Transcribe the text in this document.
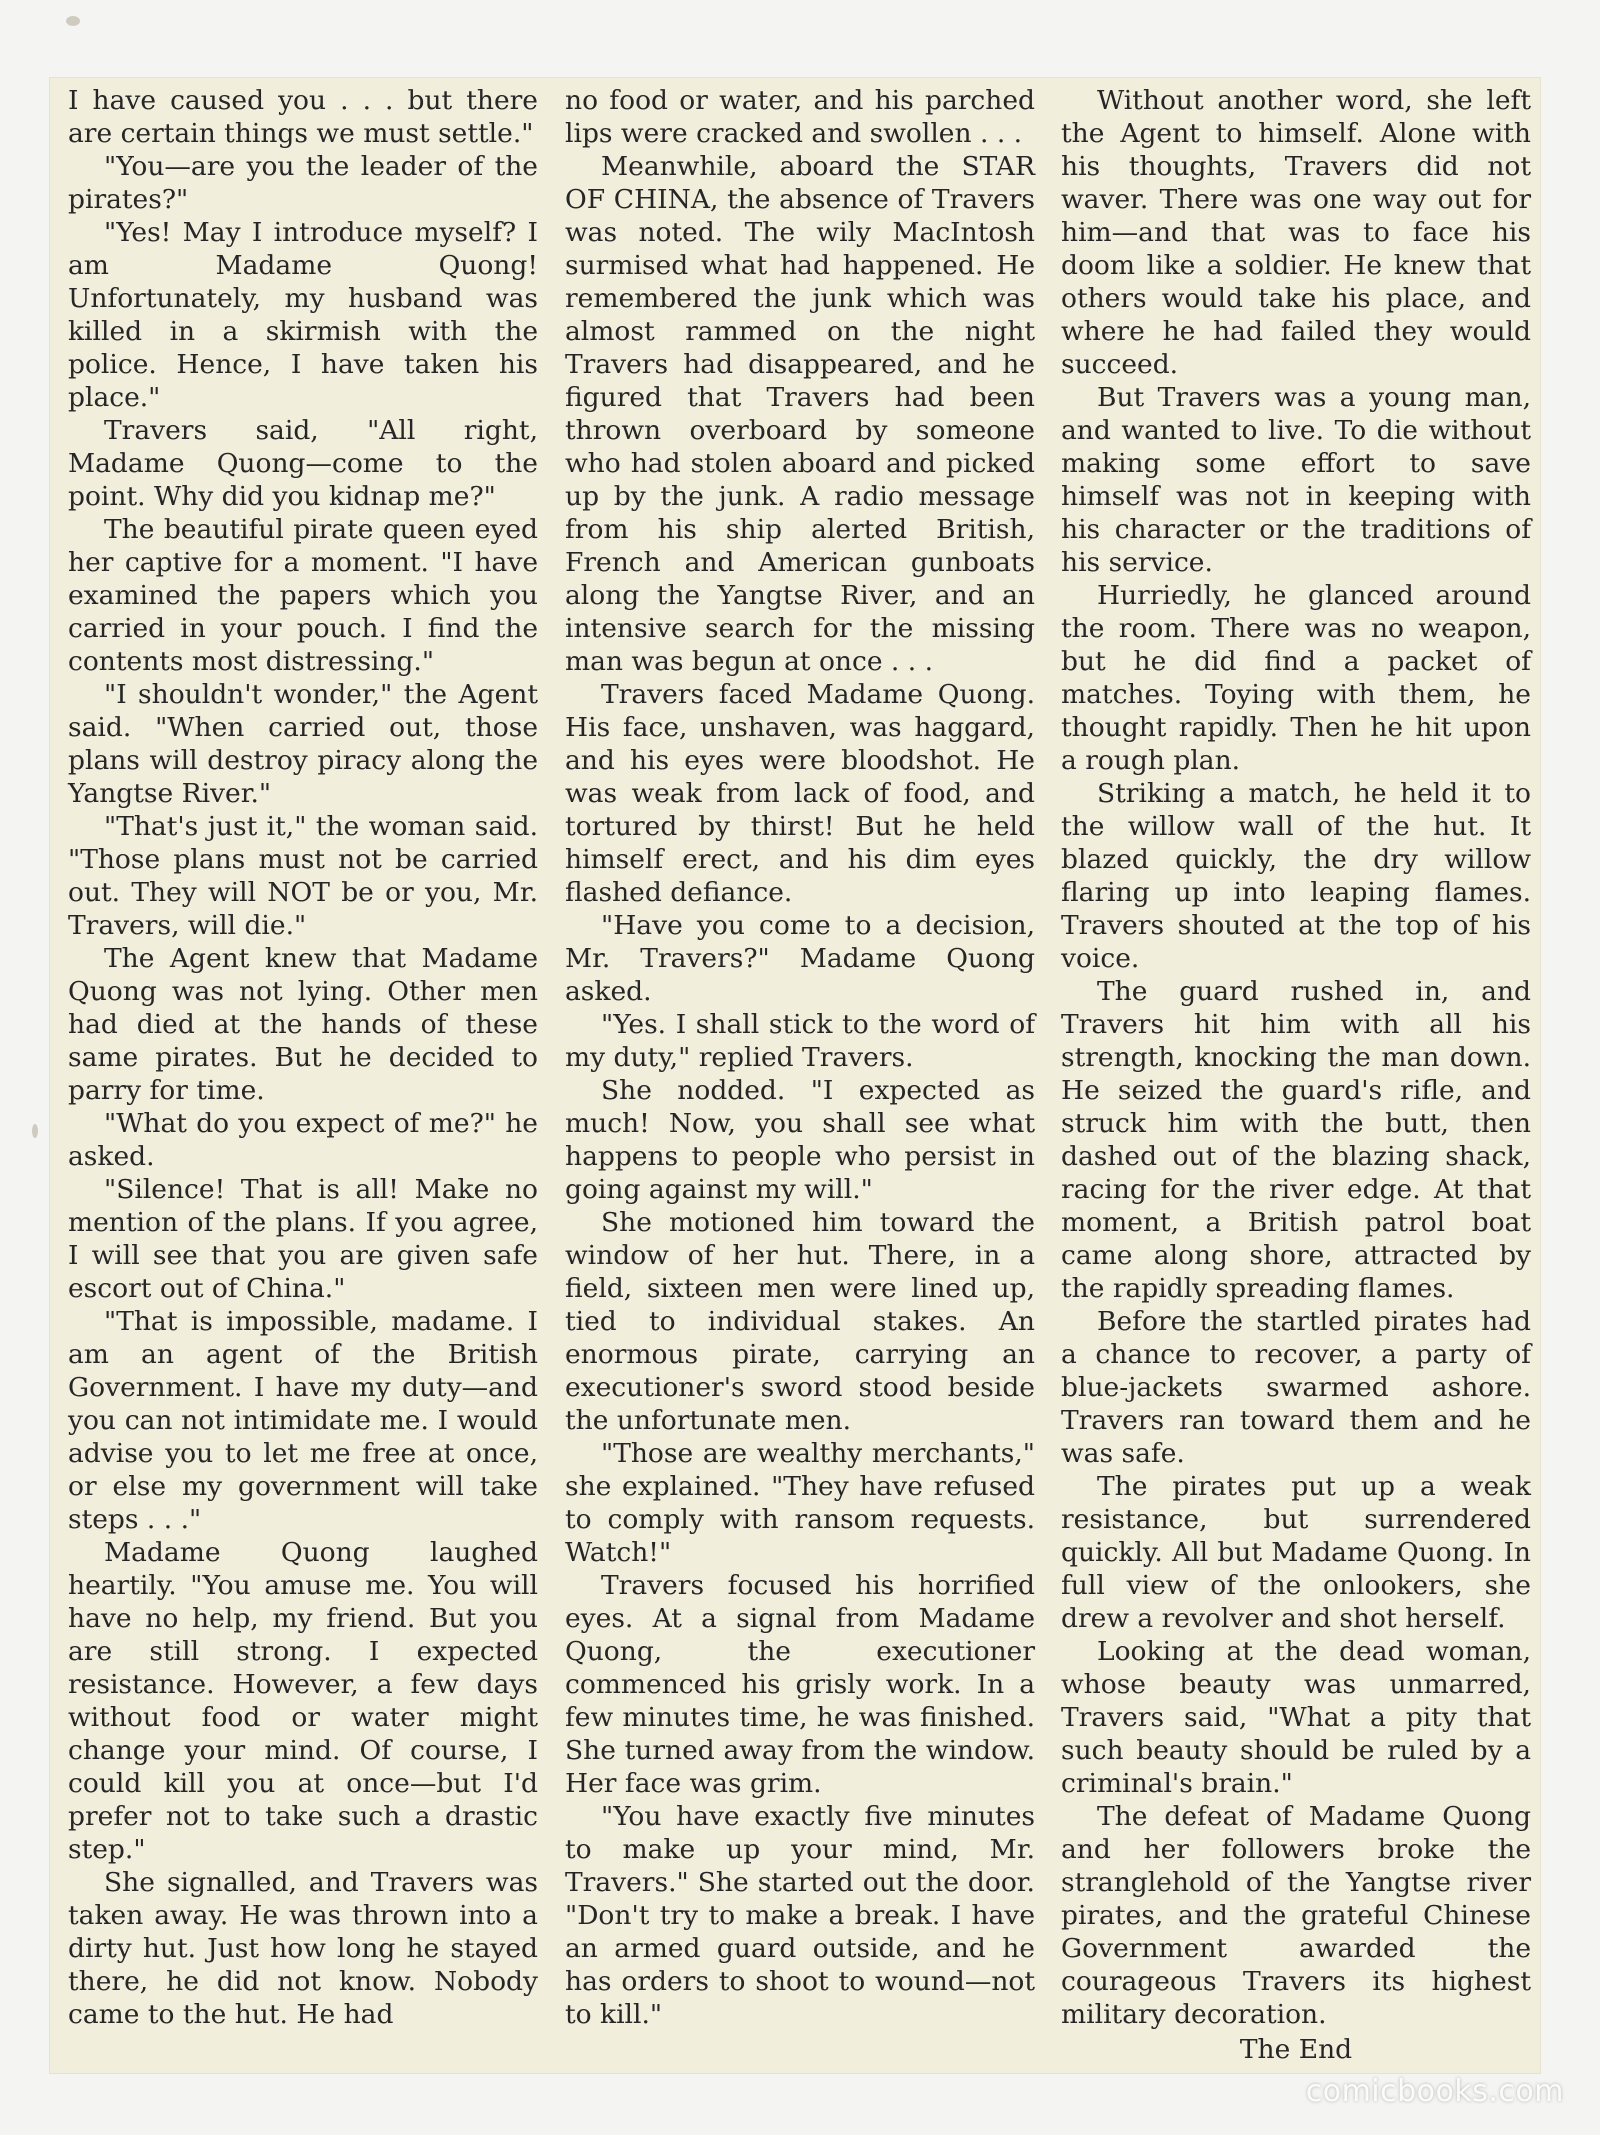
I have caused you . . . but there are certain things we must settle."

"You—are you the leader of the pirates?"

"Yes! May I introduce myself? I am Madame Quong! Unfortunately, my husband was killed in a skirmish with the police. Hence, I have taken his place."

Travers said, "All right, Madame Quong—come to the point. Why did you kidnap me?"

The beautiful pirate queen eyed her captive for a moment. "I have examined the papers which you carried in your pouch. I find the contents most distressing."

"I shouldn't wonder," the Agent said. "When carried out, those plans will destroy piracy along the Yangtse River."

"That's just it," the woman said. "Those plans must not be carried out. They will NOT be or you, Mr. Travers, will die."

The Agent knew that Madame Quong was not lying. Other men had died at the hands of these same pirates. But he decided to parry for time.

"What do you expect of me?" he asked.

"Silence! That is all! Make no mention of the plans. If you agree, I will see that you are given safe escort out of China."

"That is impossible, madame. I am an agent of the British Government. I have my duty—and you can not intimidate me. I would advise you to let me free at once, or else my government will take steps . . ."

Madame Quong laughed heartily. "You amuse me. You will have no help, my friend. But you are still strong. I expected resistance. However, a few days without food or water might change your mind. Of course, I could kill you at once—but I'd prefer not to take such a drastic step."

She signalled, and Travers was taken away. He was thrown into a dirty hut. Just how long he stayed there, he did not know. Nobody came to the hut. He had

no food or water, and his parched lips were cracked and swollen . . .

Meanwhile, aboard the STAR OF CHINA, the absence of Travers was noted. The wily MacIntosh surmised what had happened. He remembered the junk which was almost rammed on the night Travers had disappeared, and he figured that Travers had been thrown overboard by someone who had stolen aboard and picked up by the junk. A radio message from his ship alerted British, French and American gunboats along the Yangtse River, and an intensive search for the missing man was begun at once . . .

Travers faced Madame Quong. His face, unshaven, was haggard, and his eyes were bloodshot. He was weak from lack of food, and tortured by thirst! But he held himself erect, and his dim eyes flashed defiance.

"Have you come to a decision, Mr. Travers?" Madame Quong asked.

"Yes. I shall stick to the word of my duty," replied Travers.

She nodded. "I expected as much! Now, you shall see what happens to people who persist in going against my will."

She motioned him toward the window of her hut. There, in a field, sixteen men were lined up, tied to individual stakes. An enormous pirate, carrying an executioner's sword stood beside the unfortunate men.

"Those are wealthy merchants," she explained. "They have refused to comply with ransom requests. Watch!"

Travers focused his horrified eyes. At a signal from Madame Quong, the executioner commenced his grisly work. In a few minutes time, he was finished. She turned away from the window. Her face was grim.

"You have exactly five minutes to make up your mind, Mr. Travers." She started out the door. "Don't try to make a break. I have an armed guard outside, and he has orders to shoot to wound—not to kill."

Without another word, she left the Agent to himself. Alone with his thoughts, Travers did not waver. There was one way out for him—and that was to face his doom like a soldier. He knew that others would take his place, and where he had failed they would succeed.

But Travers was a young man, and wanted to live. To die without making some effort to save himself was not in keeping with his character or the traditions of his service.

Hurriedly, he glanced around the room. There was no weapon, but he did find a packet of matches. Toying with them, he thought rapidly. Then he hit upon a rough plan.

Striking a match, he held it to the willow wall of the hut. It blazed quickly, the dry willow flaring up into leaping flames. Travers shouted at the top of his voice.

The guard rushed in, and Travers hit him with all his strength, knocking the man down. He seized the guard's rifle, and struck him with the butt, then dashed out of the blazing shack, racing for the river edge. At that moment, a British patrol boat came along shore, attracted by the rapidly spreading flames.

Before the startled pirates had a chance to recover, a party of blue-jackets swarmed ashore. Travers ran toward them and he was safe.

The pirates put up a weak resistance, but surrendered quickly. All but Madame Quong. In full view of the onlookers, she drew a revolver and shot herself.

Looking at the dead woman, whose beauty was unmarred, Travers said, "What a pity that such beauty should be ruled by a criminal's brain."

The defeat of Madame Quong and her followers broke the stranglehold of the Yangtse river pirates, and the grateful Chinese Government awarded the courageous Travers its highest military decoration.

The End

comicbooks.com
